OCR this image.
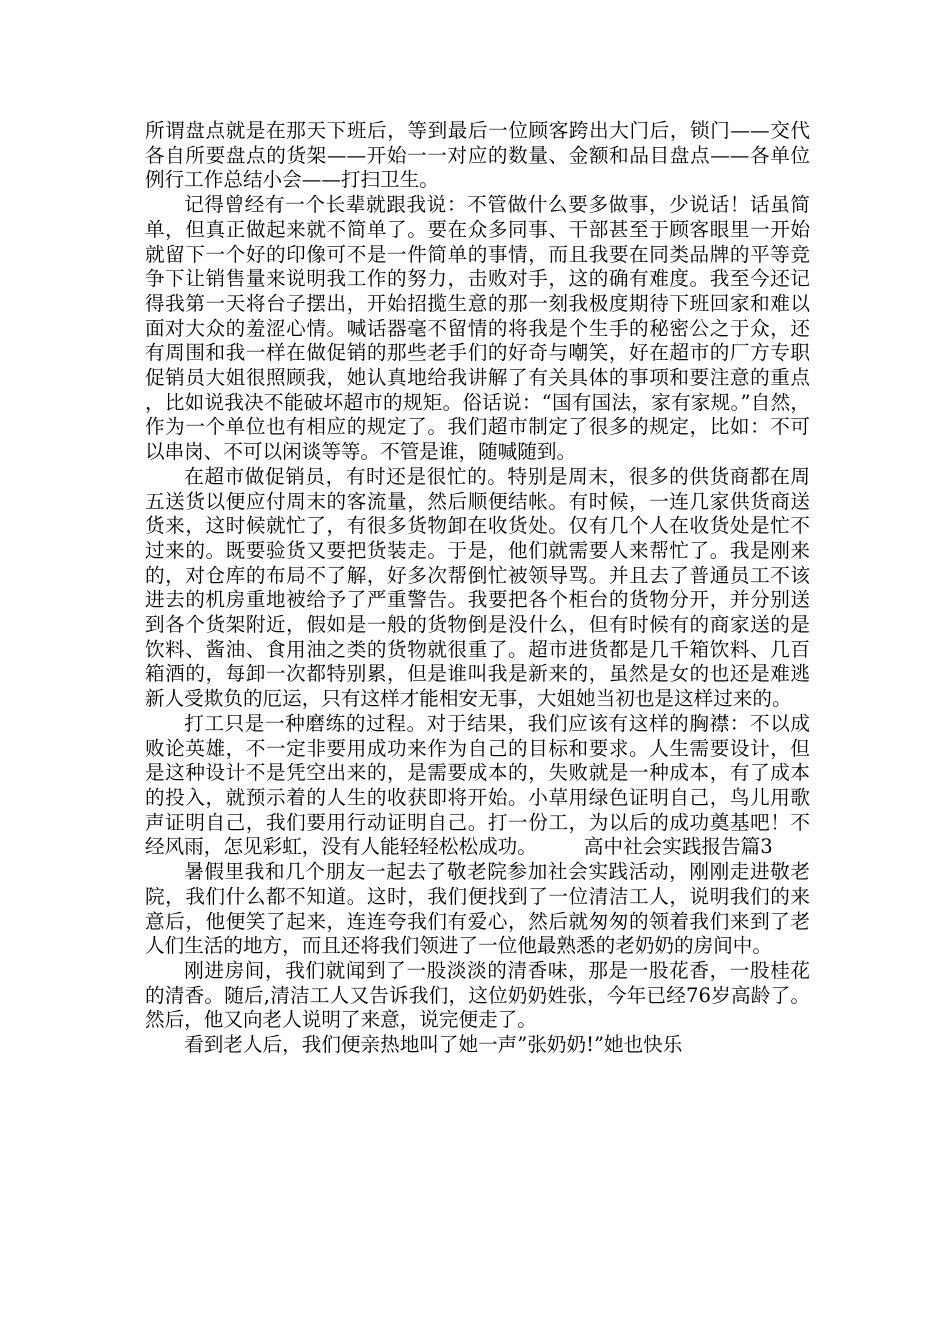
所谓盘点就是在那天下班后，等到最后一位顾客跨出大门后，锁门——交代各自所要盘点的货架——开始一一对应的数量、金额和品目盘点——各单位例行工作总结小会——打扫卫生。

记得曾经有一个长辈就跟我说：不管做什么要多做事，少说话！话虽简单，但真正做起来就不简单了。要在众多同事、干部甚至于顾客眼里一开始就留下一个好的印像可不是一件简单的事情，而且我要在同类品牌的平等竞争下让销售量来说明我工作的努力，击败对手，这的确有难度。我至今还记得我第一天将台子摆出，开始招揽生意的那一刻我极度期待下班回家和难以面对大众的羞涩心情。喊话器毫不留情的将我是个生手的秘密公之于众，还有周围和我一样在做促销的那些老手们的好奇与嘲笑，好在超市的厂方专职促销员大姐很照顾我，她认真地给我讲解了有关具体的事项和要注意的重点，比如说我决不能破坏超市的规矩。俗话说：“国有国法，家有家规。”自然，作为一个单位也有相应的规定了。我们超市制定了很多的规定，比如：不可以串岗、不可以闲谈等等。不管是谁，随喊随到。

在超市做促销员，有时还是很忙的。特别是周末，很多的供货商都在周五送货以便应付周末的客流量，然后顺便结帐。有时候，一连几家供货商送货来，这时候就忙了，有很多货物卸在收货处。仅有几个人在收货处是忙不过来的。既要验货又要把货装走。于是，他们就需要人来帮忙了。我是刚来的，对仓库的布局不了解，好多次帮倒忙被领导骂。并且去了普通员工不该进去的机房重地被给予了严重警告。我要把各个柜台的货物分开，并分别送到各个货架附近，假如是一般的货物倒是没什么，但有时候有的商家送的是饮料、酱油、食用油之类的货物就很重了。超市进货都是几千箱饮料、几百箱酒的，每卸一次都特别累，但是谁叫我是新来的，虽然是女的也还是难逃新人受欺负的厄运，只有这样才能相安无事，大姐她当初也是这样过来的。

打工只是一种磨练的过程。对于结果，我们应该有这样的胸襟：不以成败论英雄，不一定非要用成功来作为自己的目标和要求。人生需要设计，但是这种设计不是凭空出来的，是需要成本的，失败就是一种成本，有了成本的投入，就预示着的人生的收获即将开始。小草用绿色证明自己，鸟儿用歌声证明自己，我们要用行动证明自己。打一份工，为以后的成功奠基吧！不经风雨，怎见彩虹，没有人能轻轻松松成功。 高中社会实践报告篇3

暑假里我和几个朋友一起去了敬老院参加社会实践活动，刚刚走进敬老院，我们什么都不知道。这时，我们便找到了一位清洁工人，说明我们的来意后，他便笑了起来，连连夸我们有爱心，然后就匆匆的领着我们来到了老人们生活的地方，而且还将我们领进了一位他最熟悉的老奶奶的房间中。

刚进房间，我们就闻到了一股淡淡的清香味，那是一股花香，一股桂花的清香。随后,清洁工人又告诉我们，这位奶奶姓张，今年已经76岁高龄了。然后，他又向老人说明了来意，说完便走了。

看到老人后，我们便亲热地叫了她一声”张奶奶!”她也快乐
